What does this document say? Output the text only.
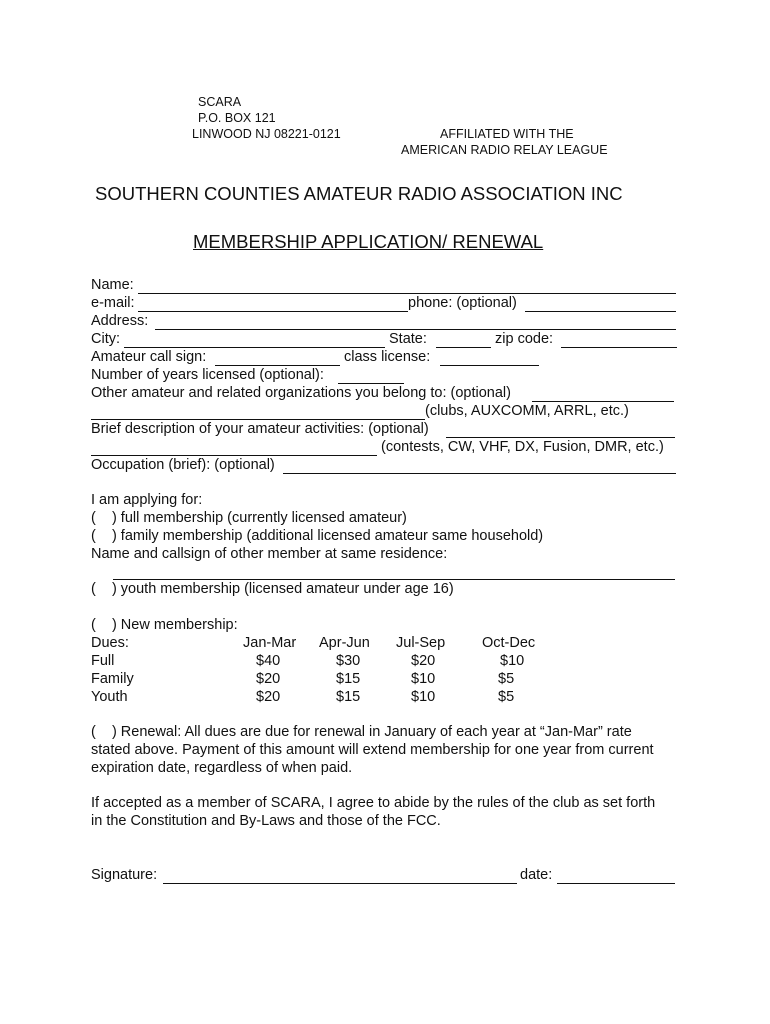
SCARA
P.O. BOX 121
LINWOOD NJ 08221-0121	AFFILIATED WITH THE
AMERICAN RADIO RELAY LEAGUE
SOUTHERN COUNTIES AMATEUR RADIO ASSOCIATION INC
MEMBERSHIP APPLICATION/ RENEWAL
Name:
e-mail:	phone: (optional)
Address:
City:	State:	zip code:
Amateur call sign:	class license:
Number of years licensed (optional):
Other amateur and related organizations you belong to: (optional)
(clubs, AUXCOMM, ARRL, etc.)
Brief description of your amateur activities: (optional)
(contests, CW, VHF, DX, Fusion, DMR, etc.)
Occupation (brief): (optional)
I am applying for:
(    ) full membership (currently licensed amateur)
(    ) family membership (additional licensed amateur same household)
Name and callsign of other member at same residence:
(    ) youth membership (licensed amateur under age 16)
(    ) New membership:
Dues:	Jan-Mar Apr-Jun Jul-Sep	Oct-Dec
Full	$40	$30	$20	$10
Family	$20	$15	$10	$5
Youth	$20	$15	$10	$5
(    ) Renewal: All dues are due for renewal in January of each year at “Jan-Mar” rate
stated above. Payment of this amount will extend membership for one year from current
expiration date, regardless of when paid.
If accepted as a member of SCARA, I agree to abide by the rules of the club as set forth
in the Constitution and By-Laws and those of the FCC.
Signature:	date:
